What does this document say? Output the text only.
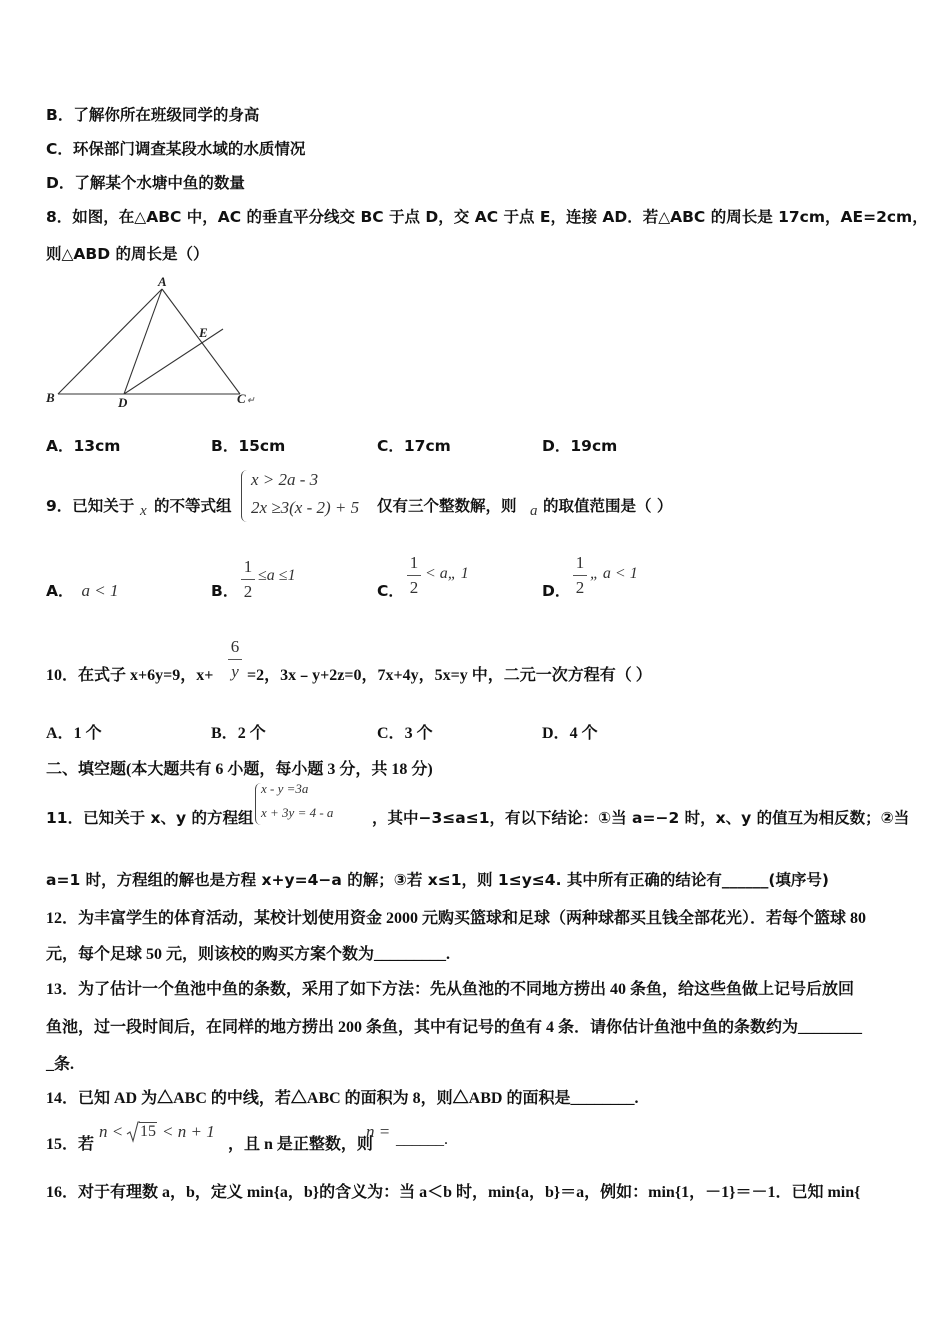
B．了解你所在班级同学的身高
C．环保部门调查某段水域的水质情况
D．了解某个水塘中鱼的数量
8．如图，在△ABC 中，AC 的垂直平分线交 BC 于点 D，交 AC 于点 E，连接 AD．若△ABC 的周长是 17cm，AE=2cm，
则△ABD 的周长是（）
A
B	C
D
E
↵
A．13cm	B．15cm	C．17cm	D．19cm
9．已知关于 x 的不等式组
x > 2a - 3
2x ≥3(x - 2) + 5 仅有三个整数解，则 a 的取值范围是（ ）
A． a < 1	B．
1
2
≤a ≤1
C．
1
2
< a„ 1
D．
1
2
„ a < 1
10．在式子 x+6y=9，x+
6
y =2，3x﹣y+2z=0，7x+4y，5x=y 中，二元一次方程有（ ）
A．1 个	B．2 个	C．3 个	D．4 个
二、填空题(本大题共有 6 小题，每小题 3 分，共 18 分)
11．已知关于 x、y 的方程组
x - y =3a
x + 3y = 4 - a ，其中−3≤a≤1，有以下结论：①当 a=−2 时，x、y 的值互为相反数；②当
a=1 时，方程组的解也是方程 x+y=4−a 的解；③若 x≤1，则 1≤y≤4. 其中所有正确的结论有______(填序号)
12．为丰富学生的体育活动，某校计划使用资金 2000 元购买篮球和足球（两种球都买且钱全部花光）．若每个篮球 80
元，每个足球 50 元，则该校的购买方案个数为_________.
13．为了估计一个鱼池中鱼的条数，采用了如下方法：先从鱼池的不同地方捞出 40 条鱼，给这些鱼做上记号后放回
鱼池，过一段时间后，在同样的地方捞出 200 条鱼，其中有记号的鱼有 4 条．请你估计鱼池中鱼的条数约为________
_条.
14．已知 AD 为△ABC 的中线，若△ABC 的面积为 8，则△ABD 的面积是________.
15．若
n < 15 < n + 1
，且 n 是正整数，则
n = ______.
16．对于有理数 a，b，定义 min{a，b}的含义为：当 a＜b 时，min{a，b}＝a，例如：min{1，－1}＝－1．已知 min{
